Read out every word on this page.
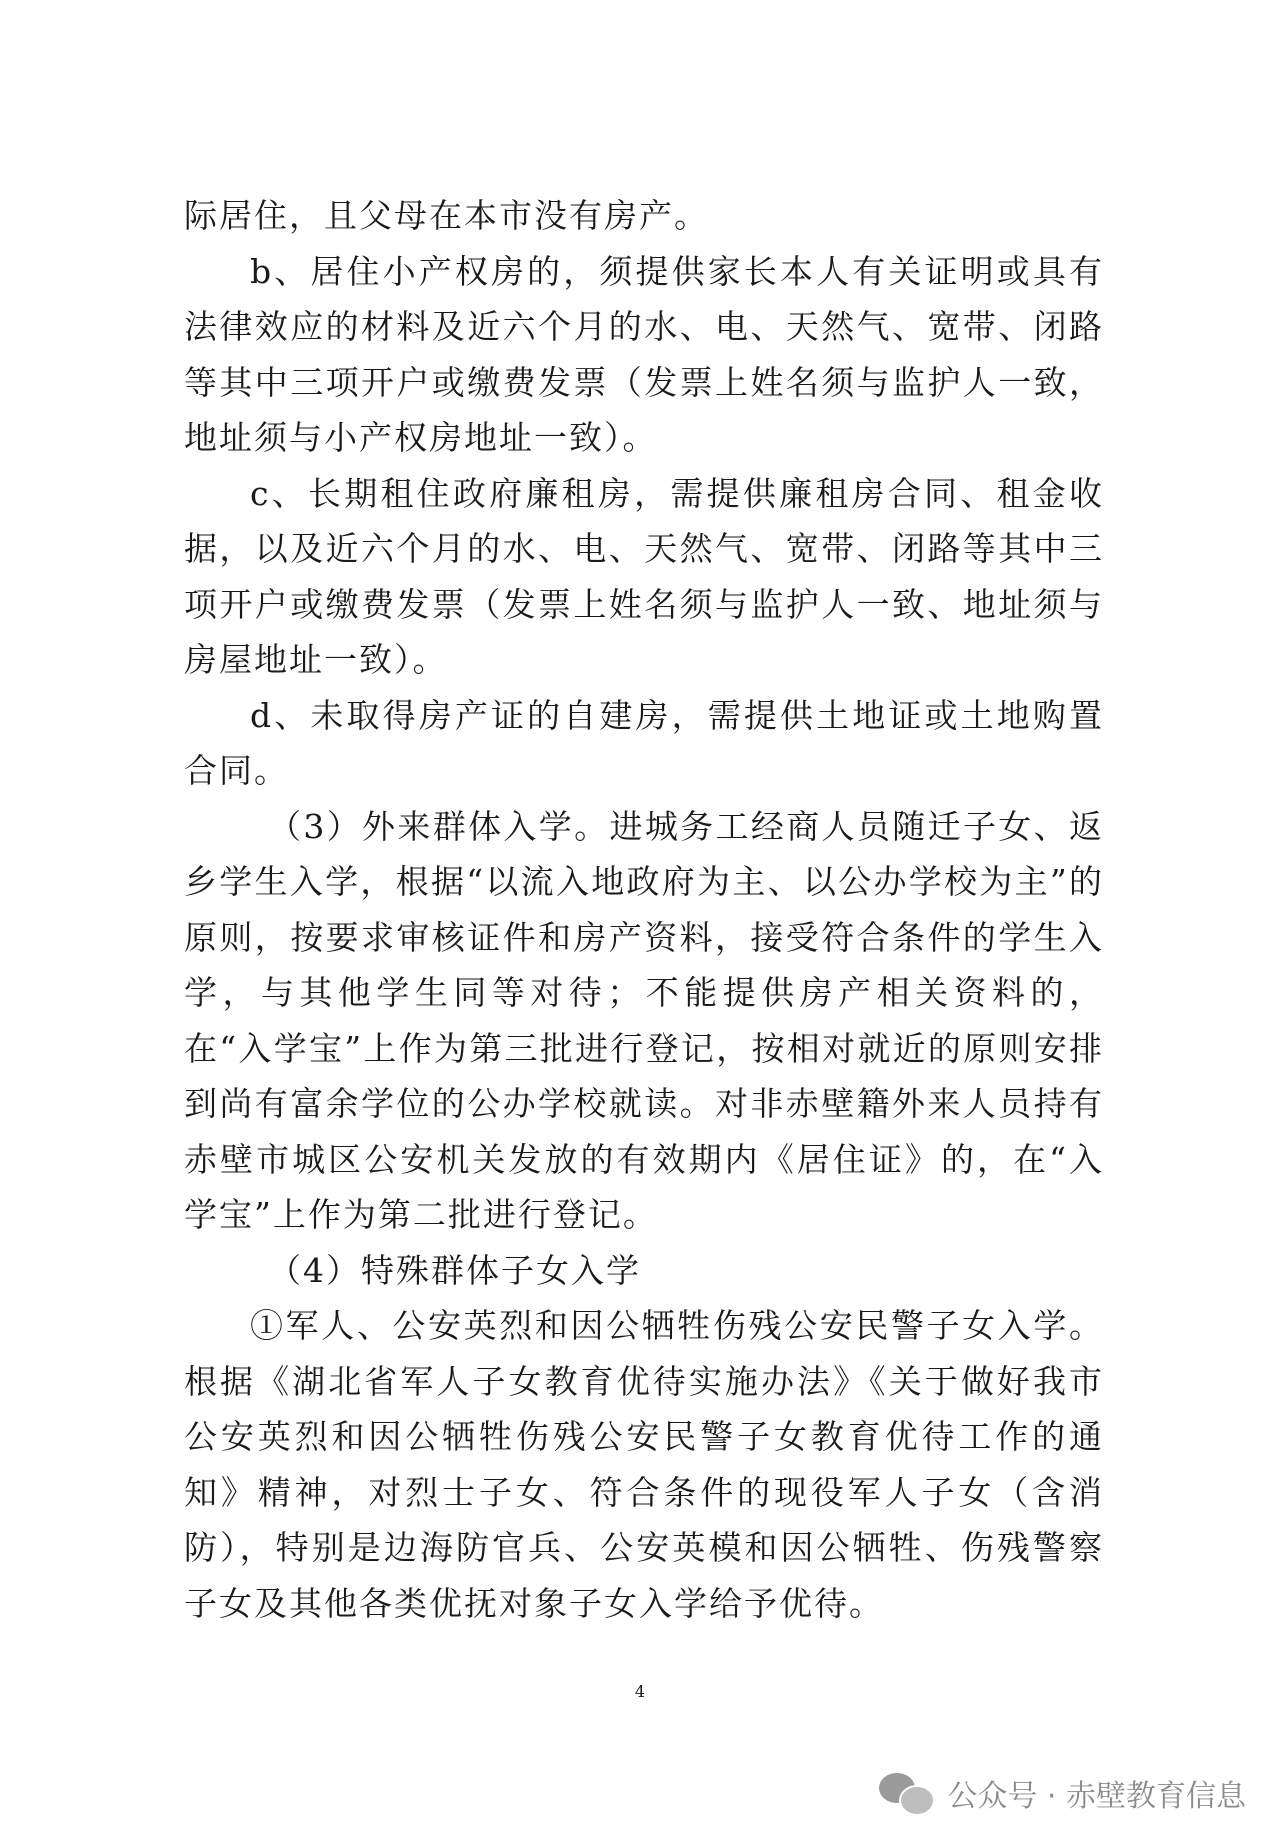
际居住，且父母在本市没有房产。

b、居住小产权房的，须提供家长本人有关证明或具有法律效应的材料及近六个月的水、电、天然气、宽带、闭路等其中三项开户或缴费发票（发票上姓名须与监护人一致，地址须与小产权房地址一致）。

c、长期租住政府廉租房，需提供廉租房合同、租金收据，以及近六个月的水、电、天然气、宽带、闭路等其中三项开户或缴费发票（发票上姓名须与监护人一致、地址须与房屋地址一致）。

d、未取得房产证的自建房，需提供土地证或土地购置合同。

（3）外来群体入学。进城务工经商人员随迁子女、返乡学生入学，根据“以流入地政府为主、以公办学校为主”的原则，按要求审核证件和房产资料，接受符合条件的学生入学，与其他学生同等对待；不能提供房产相关资料的，在“入学宝”上作为第三批进行登记，按相对就近的原则安排到尚有富余学位的公办学校就读。对非赤壁籍外来人员持有赤壁市城区公安机关发放的有效期内《居住证》的，在“入学宝”上作为第二批进行登记。

（4）特殊群体子女入学

①军人、公安英烈和因公牺牲伤残公安民警子女入学。根据《湖北省军人子女教育优待实施办法》《关于做好我市公安英烈和因公牺牲伤残公安民警子女教育优待工作的通知》精神，对烈士子女、符合条件的现役军人子女（含消防），特别是边海防官兵、公安英模和因公牺牲、伤残警察子女及其他各类优抚对象子女入学给予优待。

4
公众号 · 赤壁教育信息
